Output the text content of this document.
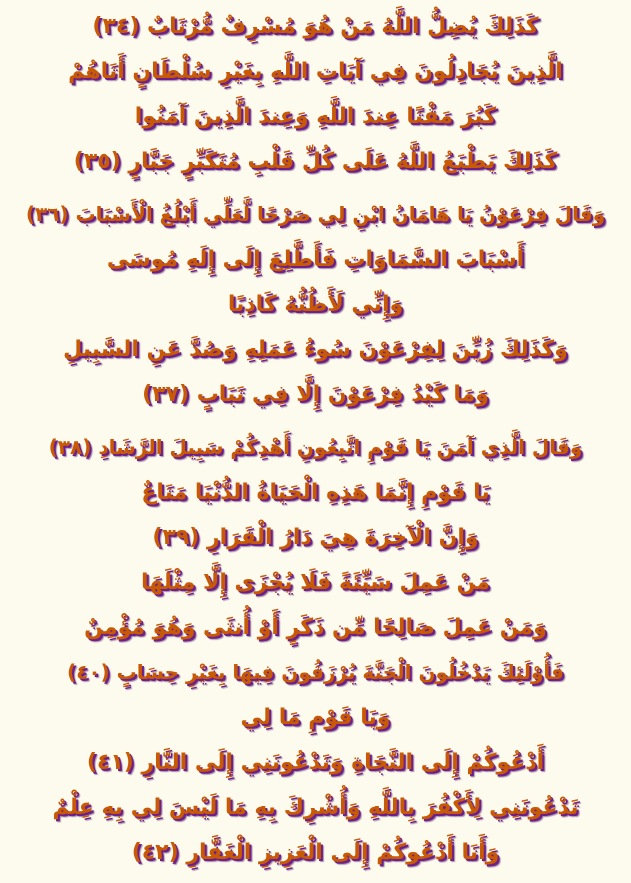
كَذَلِكَ يُضِلُّ اللَّهُ مَنْ هُوَ مُسْرِفٌ مُّرْتَابٌ (٣٤)
الَّذِينَ يُجَادِلُونَ فِي آيَاتِ اللَّهِ بِغَيْرِ سُلْطَانٍ أَتَاهُمْ
كَبُرَ مَقْتًا عِندَ اللَّهِ وَعِندَ الَّذِينَ آمَنُوا
كَذَلِكَ يَطْبَعُ اللَّهُ عَلَى كُلِّ قَلْبِ مُتَكَبِّرٍ جَبَّارٍ (٣٥)
وَقَالَ فِرْعَوْنُ يَا هَامَانُ ابْنِ لِي صَرْحًا لَّعَلِّي أَبْلُغُ الْأَسْبَابَ (٣٦)
أَسْبَابَ السَّمَاوَاتِ فَأَطَّلِعَ إِلَى إِلَهِ مُوسَى
وَإِنِّي لَأَظُنُّهُ كَاذِبًا
وَكَذَلِكَ زُيِّنَ لِفِرْعَوْنَ سُوءُ عَمَلِهِ وَصُدَّ عَنِ السَّبِيلِ
وَمَا كَيْدُ فِرْعَوْنَ إِلَّا فِي تَبَابٍ (٣٧)
وَقَالَ الَّذِي آمَنَ يَا قَوْمِ اتَّبِعُونِ أَهْدِكُمْ سَبِيلَ الرَّشَادِ (٣٨)
يَا قَوْمِ إِنَّمَا هَذِهِ الْحَيَاةُ الدُّنْيَا مَتَاعٌ
وَإِنَّ الْآخِرَةَ هِيَ دَارُ الْقَرَارِ (٣٩)
مَنْ عَمِلَ سَيِّئَةً فَلَا يُجْزَى إِلَّا مِثْلَهَا
وَمَنْ عَمِلَ صَالِحًا مِّن ذَكَرٍ أَوْ أُنثَى وَهُوَ مُؤْمِنٌ
فَأُوْلَئِكَ يَدْخُلُونَ الْجَنَّةَ يُرْزَقُونَ فِيهَا بِغَيْرِ حِسَابٍ (٤٠)
وَيَا قَوْمِ مَا لِي
أَدْعُوكُمْ إِلَى النَّجَاةِ وَتَدْعُونَنِي إِلَى النَّارِ (٤١)
تَدْعُونَنِي لِأَكْفُرَ بِاللَّهِ وَأُشْرِكَ بِهِ مَا لَيْسَ لِي بِهِ عِلْمٌ
وَأَنَا أَدْعُوكُمْ إِلَى الْعَزِيزِ الْغَفَّارِ (٤٢)
